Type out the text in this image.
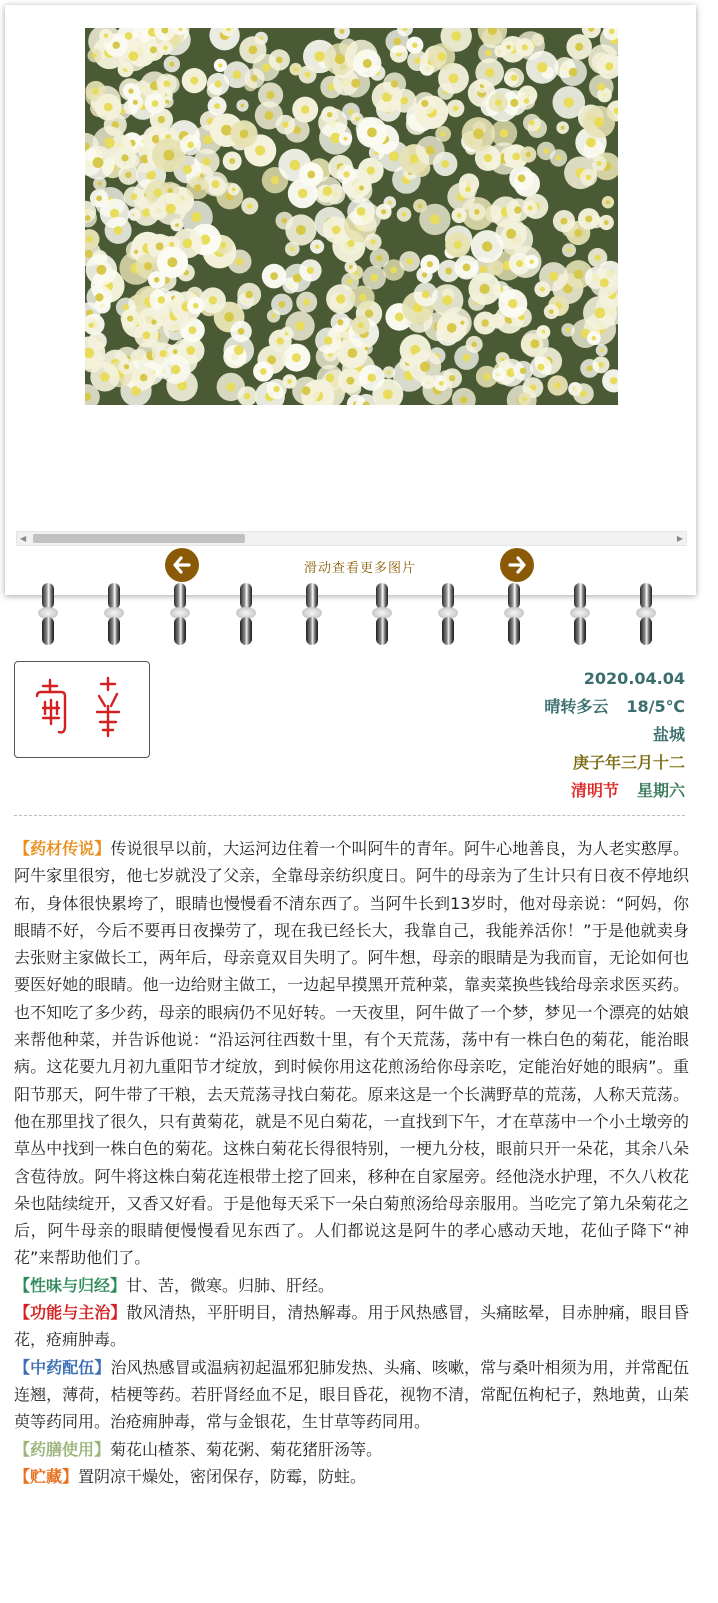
◀	▶
滑动查看更多图片
2020.04.04
晴转多云 18/5℃
盐城
庚子年三月十二
清明节 星期六

【药材传说】传说很早以前，大运河边住着一个叫阿牛的青年。阿牛心地善良，为人老实憨厚。阿牛家里很穷，他七岁就没了父亲，全靠母亲纺织度日。阿牛的母亲为了生计只有日夜不停地织布，身体很快累垮了，眼睛也慢慢看不清东西了。当阿牛长到13岁时，他对母亲说：“阿妈，你眼睛不好，今后不要再日夜操劳了，现在我已经长大，我靠自己，我能养活你！”于是他就卖身去张财主家做长工，两年后，母亲竟双目失明了。阿牛想，母亲的眼睛是为我而盲，无论如何也要医好她的眼睛。他一边给财主做工，一边起早摸黑开荒种菜，靠卖菜换些钱给母亲求医买药。也不知吃了多少药，母亲的眼病仍不见好转。一天夜里，阿牛做了一个梦，梦见一个漂亮的姑娘来帮他种菜，并告诉他说：“沿运河往西数十里，有个天荒荡，荡中有一株白色的菊花，能治眼病。这花要九月初九重阳节才绽放，到时候你用这花煎汤给你母亲吃，定能治好她的眼病”。重阳节那天，阿牛带了干粮，去天荒荡寻找白菊花。原来这是一个长满野草的荒荡，人称天荒荡。他在那里找了很久，只有黄菊花，就是不见白菊花，一直找到下午，才在草荡中一个小土墩旁的草丛中找到一株白色的菊花。这株白菊花长得很特别，一梗九分枝，眼前只开一朵花，其余八朵含苞待放。阿牛将这株白菊花连根带土挖了回来，移种在自家屋旁。经他浇水护理，不久八枚花朵也陆续绽开，又香又好看。于是他每天采下一朵白菊煎汤给母亲服用。当吃完了第九朵菊花之后，阿牛母亲的眼睛便慢慢看见东西了。人们都说这是阿牛的孝心感动天地，花仙子降下“神花”来帮助他们了。

【性味与归经】甘、苦，微寒。归肺、肝经。

【功能与主治】散风清热，平肝明目，清热解毒。用于风热感冒，头痛眩晕，目赤肿痛，眼目昏花，疮痈肿毒。

【中药配伍】治风热感冒或温病初起温邪犯肺发热、头痛、咳嗽，常与桑叶相须为用，并常配伍连翘，薄荷，桔梗等药。若肝肾经血不足，眼目昏花，视物不清，常配伍枸杞子，熟地黄，山茱萸等药同用。治疮痈肿毒，常与金银花，生甘草等药同用。

【药膳使用】菊花山楂茶、菊花粥、菊花猪肝汤等。

【贮藏】置阴凉干燥处，密闭保存，防霉，防蛀。
